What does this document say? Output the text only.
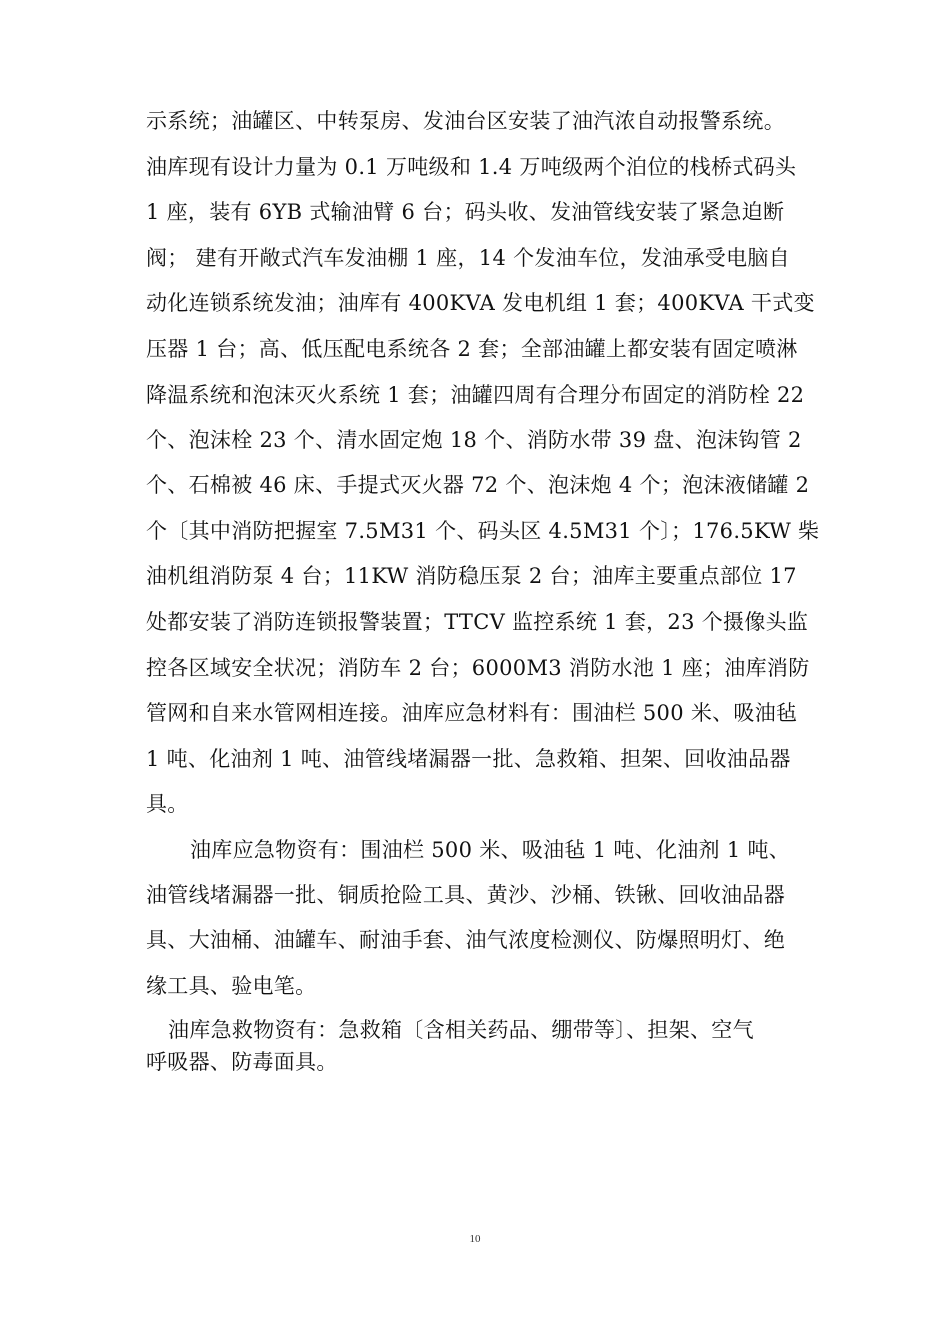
示系统；油罐区、中转泵房、发油台区安装了油汽浓自动报警系统。
油库现有设计力量为 0.1 万吨级和 1.4 万吨级两个泊位的栈桥式码头
1 座，装有 6YB 式输油臂 6 台；码头收、发油管线安装了紧急迫断
阀； 建有开敞式汽车发油棚 1 座，14 个发油车位，发油承受电脑自
动化连锁系统发油；油库有 400KVA 发电机组 1 套；400KVA 干式变
压器 1 台；高、低压配电系统各 2 套；全部油罐上都安装有固定喷淋
降温系统和泡沫灭火系统 1 套；油罐四周有合理分布固定的消防栓 22
个、泡沫栓 23 个、清水固定炮 18 个、消防水带 39 盘、泡沫钩管 2
个、石棉被 46 床、手提式灭火器 72 个、泡沫炮 4 个；泡沫液储罐 2
个〔其中消防把握室 7.5M31 个、码头区 4.5M31 个〕；176.5KW 柴
油机组消防泵 4 台；11KW 消防稳压泵 2 台；油库主要重点部位 17
处都安装了消防连锁报警装置；TTCV 监控系统 1 套，23 个摄像头监
控各区域安全状况；消防车 2 台；6000M3 消防水池 1 座；油库消防
管网和自来水管网相连接。油库应急材料有：围油栏 500 米、吸油毡
1 吨、化油剂 1 吨、油管线堵漏器一批、急救箱、担架、回收油品器
具。
油库应急物资有：围油栏 500 米、吸油毡 1 吨、化油剂 1 吨、
油管线堵漏器一批、铜质抢险工具、黄沙、沙桶、铁锹、回收油品器
具、大油桶、油罐车、耐油手套、油气浓度检测仪、防爆照明灯、绝
缘工具、验电笔。
油库急救物资有：急救箱〔含相关药品、绷带等〕、担架、空气
呼吸器、防毒面具。
10
